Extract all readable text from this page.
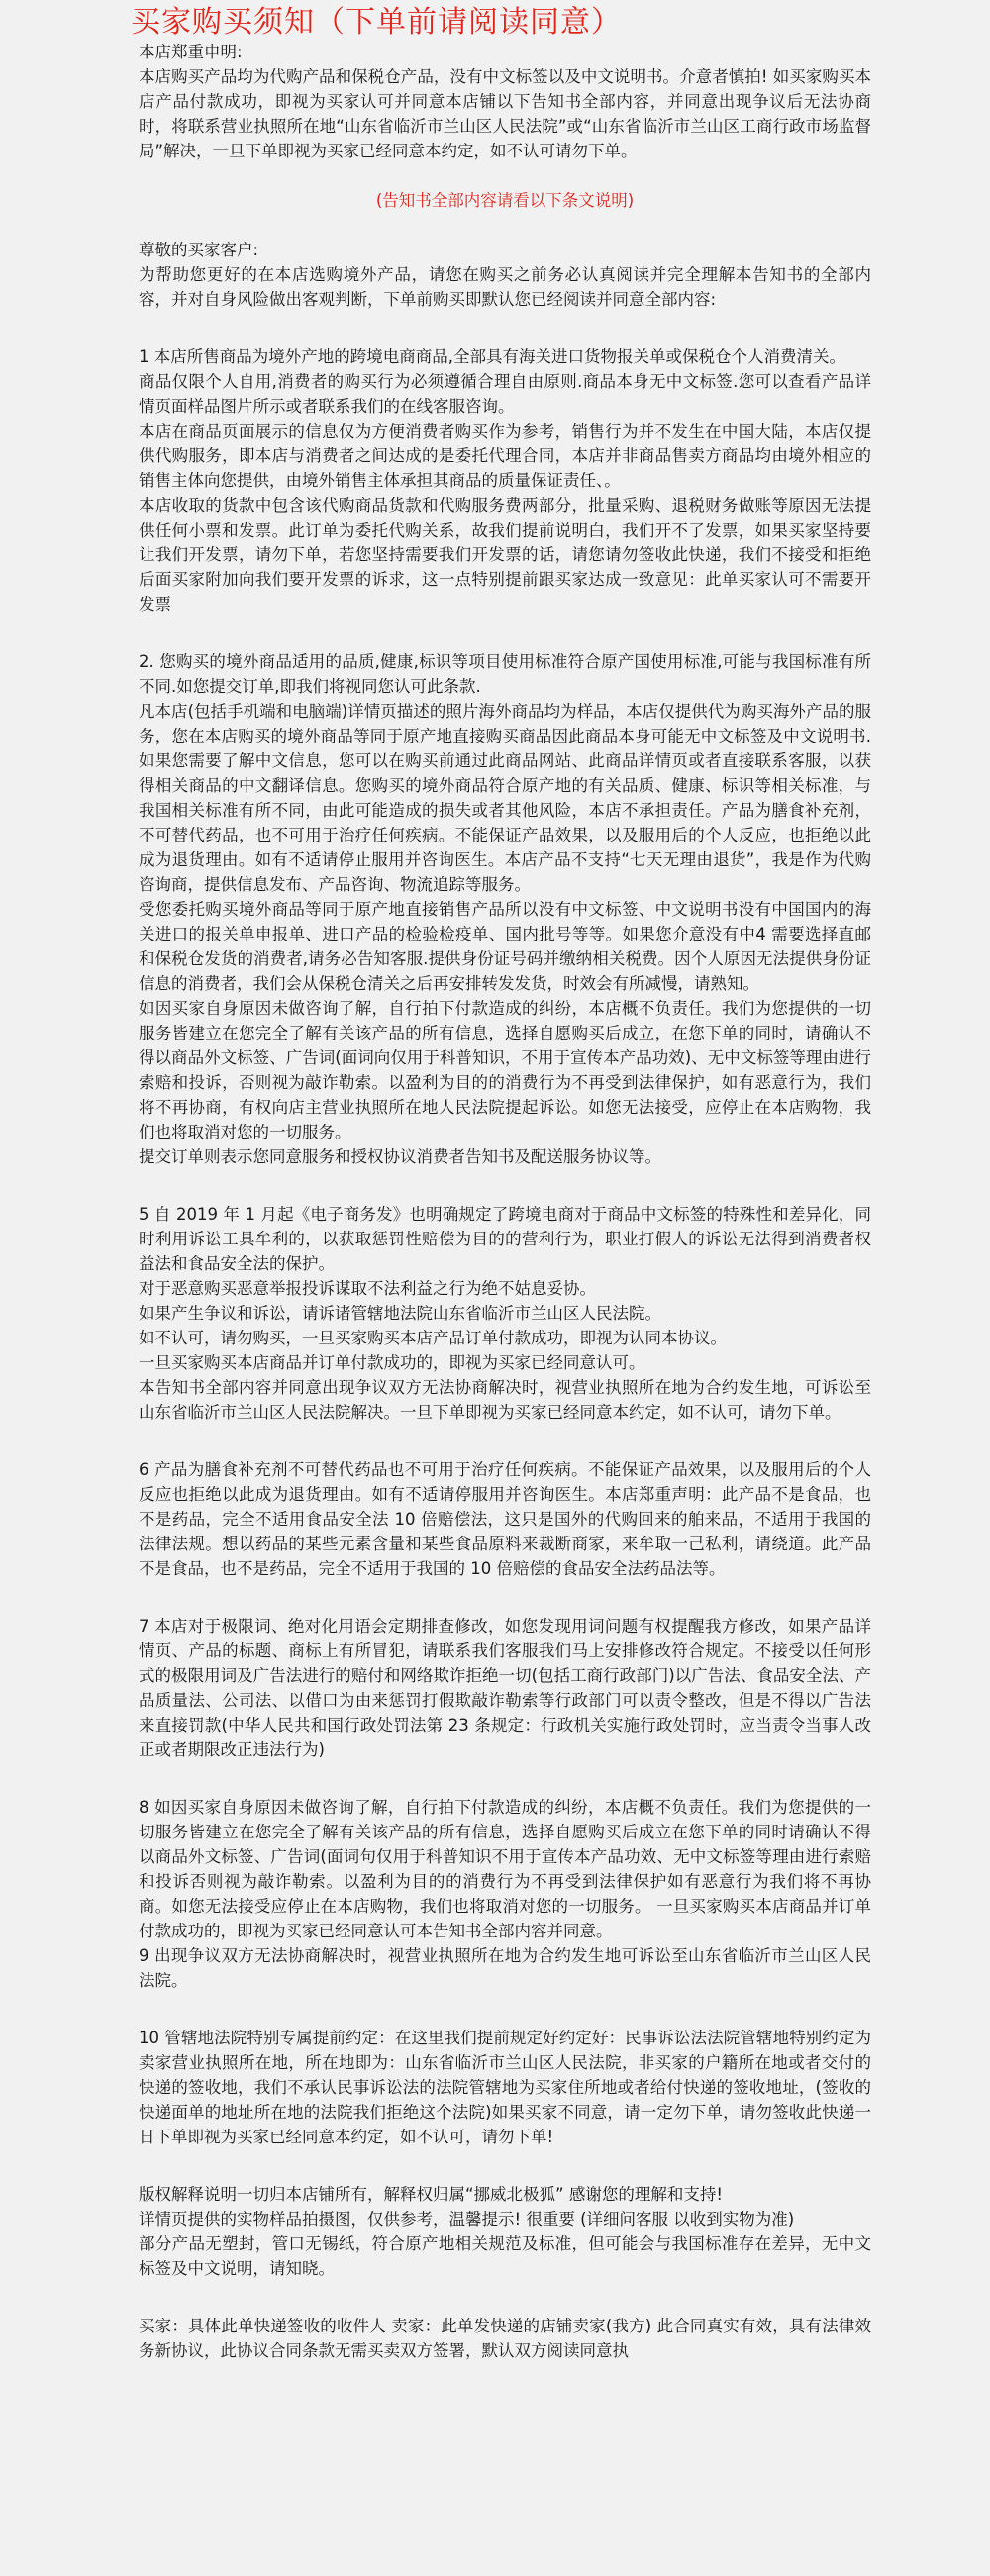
买家购买须知（下单前请阅读同意）

本店郑重申明:

本店购买产品均为代购产品和保税仓产品，没有中文标签以及中文说明书。介意者慎拍! 如买家购买本店产品付款成功，即视为买家认可并同意本店铺以下告知书全部内容，并同意出现争议后无法协商时，将联系营业执照所在地“山东省临沂市兰山区人民法院”或“山东省临沂市兰山区工商行政市场监督局”解决，一旦下单即视为买家已经同意本约定，如不认可请勿下单。

(告知书全部内容请看以下条文说明)

尊敬的买家客户:

为帮助您更好的在本店选购境外产品，请您在购买之前务必认真阅读并完全理解本告知书的全部内容，并对自身风险做出客观判断，下单前购买即默认您已经阅读并同意全部内容:

1 本店所售商品为境外产地的跨境电商商品,全部具有海关进口货物报关单或保税仓个人消费清关。

商品仅限个人自用,消费者的购买行为必须遵循合理自由原则.商品本身无中文标签.您可以查看产品详情页面样品图片所示或者联系我们的在线客服咨询。

本店在商品页面展示的信息仅为方便消费者购买作为参考，销售行为并不发生在中国大陆，本店仅提供代购服务，即本店与消费者之间达成的是委托代理合同，本店并非商品售卖方商品均由境外相应的销售主体向您提供，由境外销售主体承担其商品的质量保证责任、。

本店收取的货款中包含该代购商品货款和代购服务费两部分，批量采购、退税财务做账等原因无法提供任何小票和发票。此订单为委托代购关系，故我们提前说明白，我们开不了发票，如果买家坚持要让我们开发票，请勿下单，若您坚持需要我们开发票的话，请您请勿签收此快递，我们不接受和拒绝后面买家附加向我们要开发票的诉求，这一点特别提前跟买家达成一致意见：此单买家认可不需要开发票

2. 您购买的境外商品适用的品质,健康,标识等项目使用标准符合原产国使用标准,可能与我国标准有所不同.如您提交订单,即我们将视同您认可此条款.

凡本店(包括手机端和电脑端)详情页描述的照片海外商品均为样品，本店仅提供代为购买海外产品的服务，您在本店购买的境外商品等同于原产地直接购买商品因此商品本身可能无中文标签及中文说明书. 如果您需要了解中文信息，您可以在购买前通过此商品网站、此商品详情页或者直接联系客服，以获得相关商品的中文翻译信息。您购买的境外商品符合原产地的有关品质、健康、标识等相关标准，与我国相关标准有所不同，由此可能造成的损失或者其他风险，本店不承担责任。产品为膳食补充剂，不可替代药品，也不可用于治疗任何疾病。不能保证产品效果，以及服用后的个人反应，也拒绝以此成为退货理由。如有不适请停止服用并咨询医生。本店产品不支持“七天无理由退货”，我是作为代购咨询商，提供信息发布、产品咨询、物流追踪等服务。

受您委托购买境外商品等同于原产地直接销售产品所以没有中文标签、中文说明书没有中国国内的海关进口的报关单申报单、进口产品的检验检疫单、国内批号等等。如果您介意没有中4 需要选择直邮和保税仓发货的消费者,请务必告知客服.提供身份证号码并缴纳相关税费。因个人原因无法提供身份证信息的消费者，我们会从保税仓清关之后再安排转发发货，时效会有所减慢，请熟知。

如因买家自身原因未做咨询了解，自行拍下付款造成的纠纷，本店概不负责任。我们为您提供的一切服务皆建立在您完全了解有关该产品的所有信息，选择自愿购买后成立，在您下单的同时，请确认不得以商品外文标签、广告词(面词向仅用于科普知识，不用于宣传本产品功效)、无中文标签等理由进行索赔和投诉，否则视为敲诈勒索。以盈利为目的的消费行为不再受到法律保护，如有恶意行为，我们将不再协商，有权向店主营业执照所在地人民法院提起诉讼。如您无法接受，应停止在本店购物，我们也将取消对您的一切服务。

提交订单则表示您同意服务和授权协议消费者告知书及配送服务协议等。

5 自 2019 年 1 月起《电子商务发》也明确规定了跨境电商对于商品中文标签的特殊性和差异化，同时利用诉讼工具牟利的，以获取惩罚性赔偿为目的的营利行为，职业打假人的诉讼无法得到消费者权益法和食品安全法的保护。

对于恶意购买恶意举报投诉谋取不法利益之行为绝不姑息妥协。

如果产生争议和诉讼，请诉诸管辖地法院山东省临沂市兰山区人民法院。

如不认可，请勿购买，一旦买家购买本店产品订单付款成功，即视为认同本协议。

一旦买家购买本店商品并订单付款成功的，即视为买家已经同意认可。

本告知书全部内容并同意出现争议双方无法协商解决时，视营业执照所在地为合约发生地，可诉讼至山东省临沂市兰山区人民法院解决。一旦下单即视为买家已经同意本约定，如不认可，请勿下单。

6 产品为膳食补充剂不可替代药品也不可用于治疗任何疾病。不能保证产品效果，以及服用后的个人反应也拒绝以此成为退货理由。如有不适请停服用并咨询医生。本店郑重声明：此产品不是食品，也不是药品，完全不适用食品安全法 10 倍赔偿法，这只是国外的代购回来的舶来品，不适用于我国的法律法规。想以药品的某些元素含量和某些食品原料来裁断商家，来牟取一己私利，请绕道。此产品不是食品，也不是药品，完全不适用于我国的 10 倍赔偿的食品安全法药品法等。

7 本店对于极限词、绝对化用语会定期排查修改，如您发现用词问题有权提醒我方修改，如果产品详情页、产品的标题、商标上有所冒犯，请联系我们客服我们马上安排修改符合规定。不接受以任何形式的极限用词及广告法进行的赔付和网络欺诈拒绝一切(包括工商行政部门)以广告法、食品安全法、产品质量法、公司法、以借口为由来惩罚打假欺敲诈勒索等行政部门可以责令整改，但是不得以广告法来直接罚款(中华人民共和国行政处罚法第 23 条规定：行政机关实施行政处罚时，应当责令当事人改正或者期限改正违法行为)

8 如因买家自身原因未做咨询了解，自行拍下付款造成的纠纷，本店概不负责任。我们为您提供的一切服务皆建立在您完全了解有关该产品的所有信息，选择自愿购买后成立在您下单的同时请确认不得以商品外文标签、广告词(面词句仅用于科普知识不用于宣传本产品功效、无中文标签等理由进行索赔和投诉否则视为敲诈勒索。以盈利为目的的消费行为不再受到法律保护如有恶意行为我们将不再协商。如您无法接受应停止在本店购物，我们也将取消对您的一切服务。 一旦买家购买本店商品并订单付款成功的，即视为买家已经同意认可本告知书全部内容并同意。

9 出现争议双方无法协商解决时，视营业执照所在地为合约发生地可诉讼至山东省临沂市兰山区人民法院。

10 管辖地法院特别专属提前约定：在这里我们提前规定好约定好：民事诉讼法法院管辖地特别约定为卖家营业执照所在地，所在地即为：山东省临沂市兰山区人民法院，非买家的户籍所在地或者交付的快递的签收地，我们不承认民事诉讼法的法院管辖地为买家住所地或者给付快递的签收地址，(签收的快递面单的地址所在地的法院我们拒绝这个法院)如果买家不同意，请一定勿下单，请勿签收此快递一日下单即视为买家已经同意本约定，如不认可，请勿下单!

版权解释说明一切归本店铺所有，解释权归属“挪威北极狐” 感谢您的理解和支持!

详情页提供的实物样品拍摄图，仅供参考，温馨提示! 很重要 (详细问客服 以收到实物为准)

部分产品无塑封，管口无锡纸，符合原产地相关规范及标准，但可能会与我国标准存在差异，无中文标签及中文说明，请知晓。

买家：具体此单快递签收的收件人 卖家：此单发快递的店铺卖家(我方) 此合同真实有效，具有法律效务新协议，此协议合同条款无需买卖双方签署，默认双方阅读同意执
